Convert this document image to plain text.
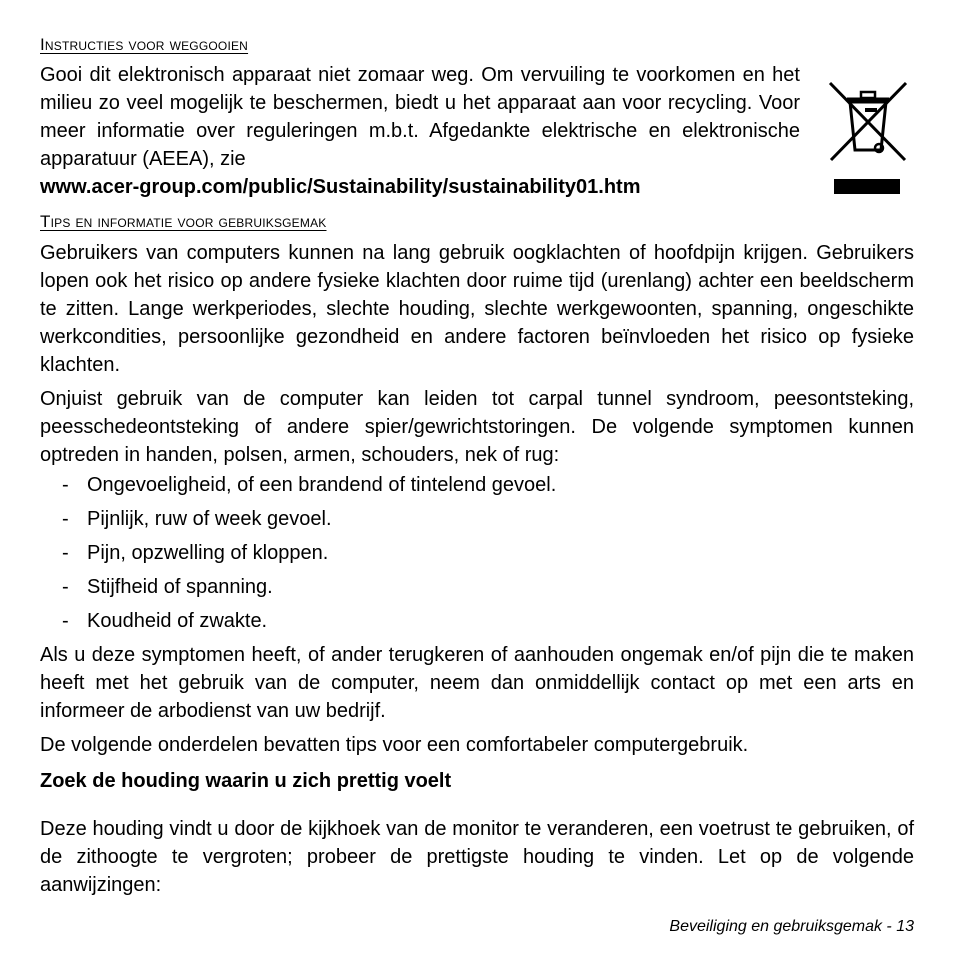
Instructies voor weggooien

Gooi dit elektronisch apparaat niet zomaar weg. Om vervuiling te voorkomen en het milieu zo veel mogelijk te beschermen, biedt u het apparaat aan voor recycling. Voor meer informatie over reguleringen m.b.t. Afgedankte elektrische en elektronische apparatuur (AEEA), zie

www.acer-group.com/public/Sustainability/sustainability01.htm

Tips en informatie voor gebruiksgemak

Gebruikers van computers kunnen na lang gebruik oogklachten of hoofdpijn krijgen. Gebruikers lopen ook het risico op andere fysieke klachten door ruime tijd (urenlang) achter een beeldscherm te zitten. Lange werkperiodes, slechte houding, slechte werkgewoonten, spanning, ongeschikte werkcondities, persoonlijke gezondheid en andere factoren beïnvloeden het risico op fysieke klachten.

Onjuist gebruik van de computer kan leiden tot carpal tunnel syndroom, peesontsteking, peesschedeontsteking of andere spier/gewrichtstoringen. De volgende symptomen kunnen optreden in handen, polsen, armen, schouders, nek of rug:

- Ongevoeligheid, of een brandend of tintelend gevoel.
- Pijnlijk, ruw of week gevoel.
- Pijn, opzwelling of kloppen.
- Stijfheid of spanning.
- Koudheid of zwakte.

Als u deze symptomen heeft, of ander terugkeren of aanhouden ongemak en/of pijn die te maken heeft met het gebruik van de computer, neem dan onmiddellijk contact op met een arts en informeer de arbodienst van uw bedrijf.

De volgende onderdelen bevatten tips voor een comfortabeler computergebruik.

Zoek de houding waarin u zich prettig voelt

Deze houding vindt u door de kijkhoek van de monitor te veranderen, een voetrust te gebruiken, of de zithoogte te vergroten; probeer de prettigste houding te vinden. Let op de volgende aanwijzingen:

Beveiliging en gebruiksgemak - 13
